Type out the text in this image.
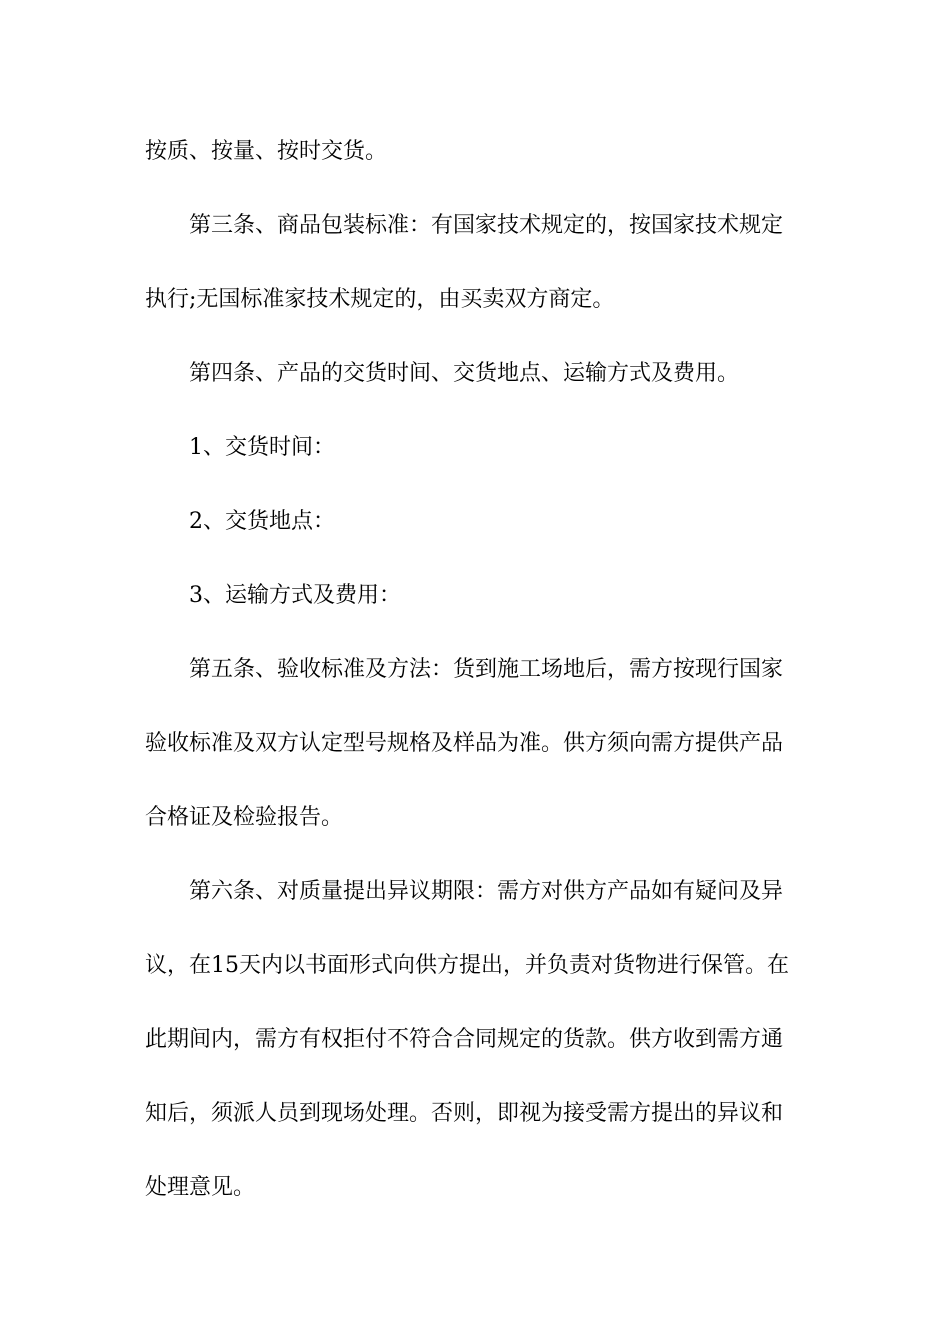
按质、按量、按时交货。
第三条、商品包装标准：有国家技术规定的，按国家技术规定
执行;无国标准家技术规定的，由买卖双方商定。
第四条、产品的交货时间、交货地点、运输方式及费用。
1、交货时间：
2、交货地点：
3、运输方式及费用：
第五条、验收标准及方法：货到施工场地后，需方按现行国家
验收标准及双方认定型号规格及样品为准。供方须向需方提供产品
合格证及检验报告。
第六条、对质量提出异议期限：需方对供方产品如有疑问及异
议，在15天内以书面形式向供方提出，并负责对货物进行保管。在
此期间内，需方有权拒付不符合合同规定的货款。供方收到需方通
知后，须派人员到现场处理。否则，即视为接受需方提出的异议和
处理意见。
